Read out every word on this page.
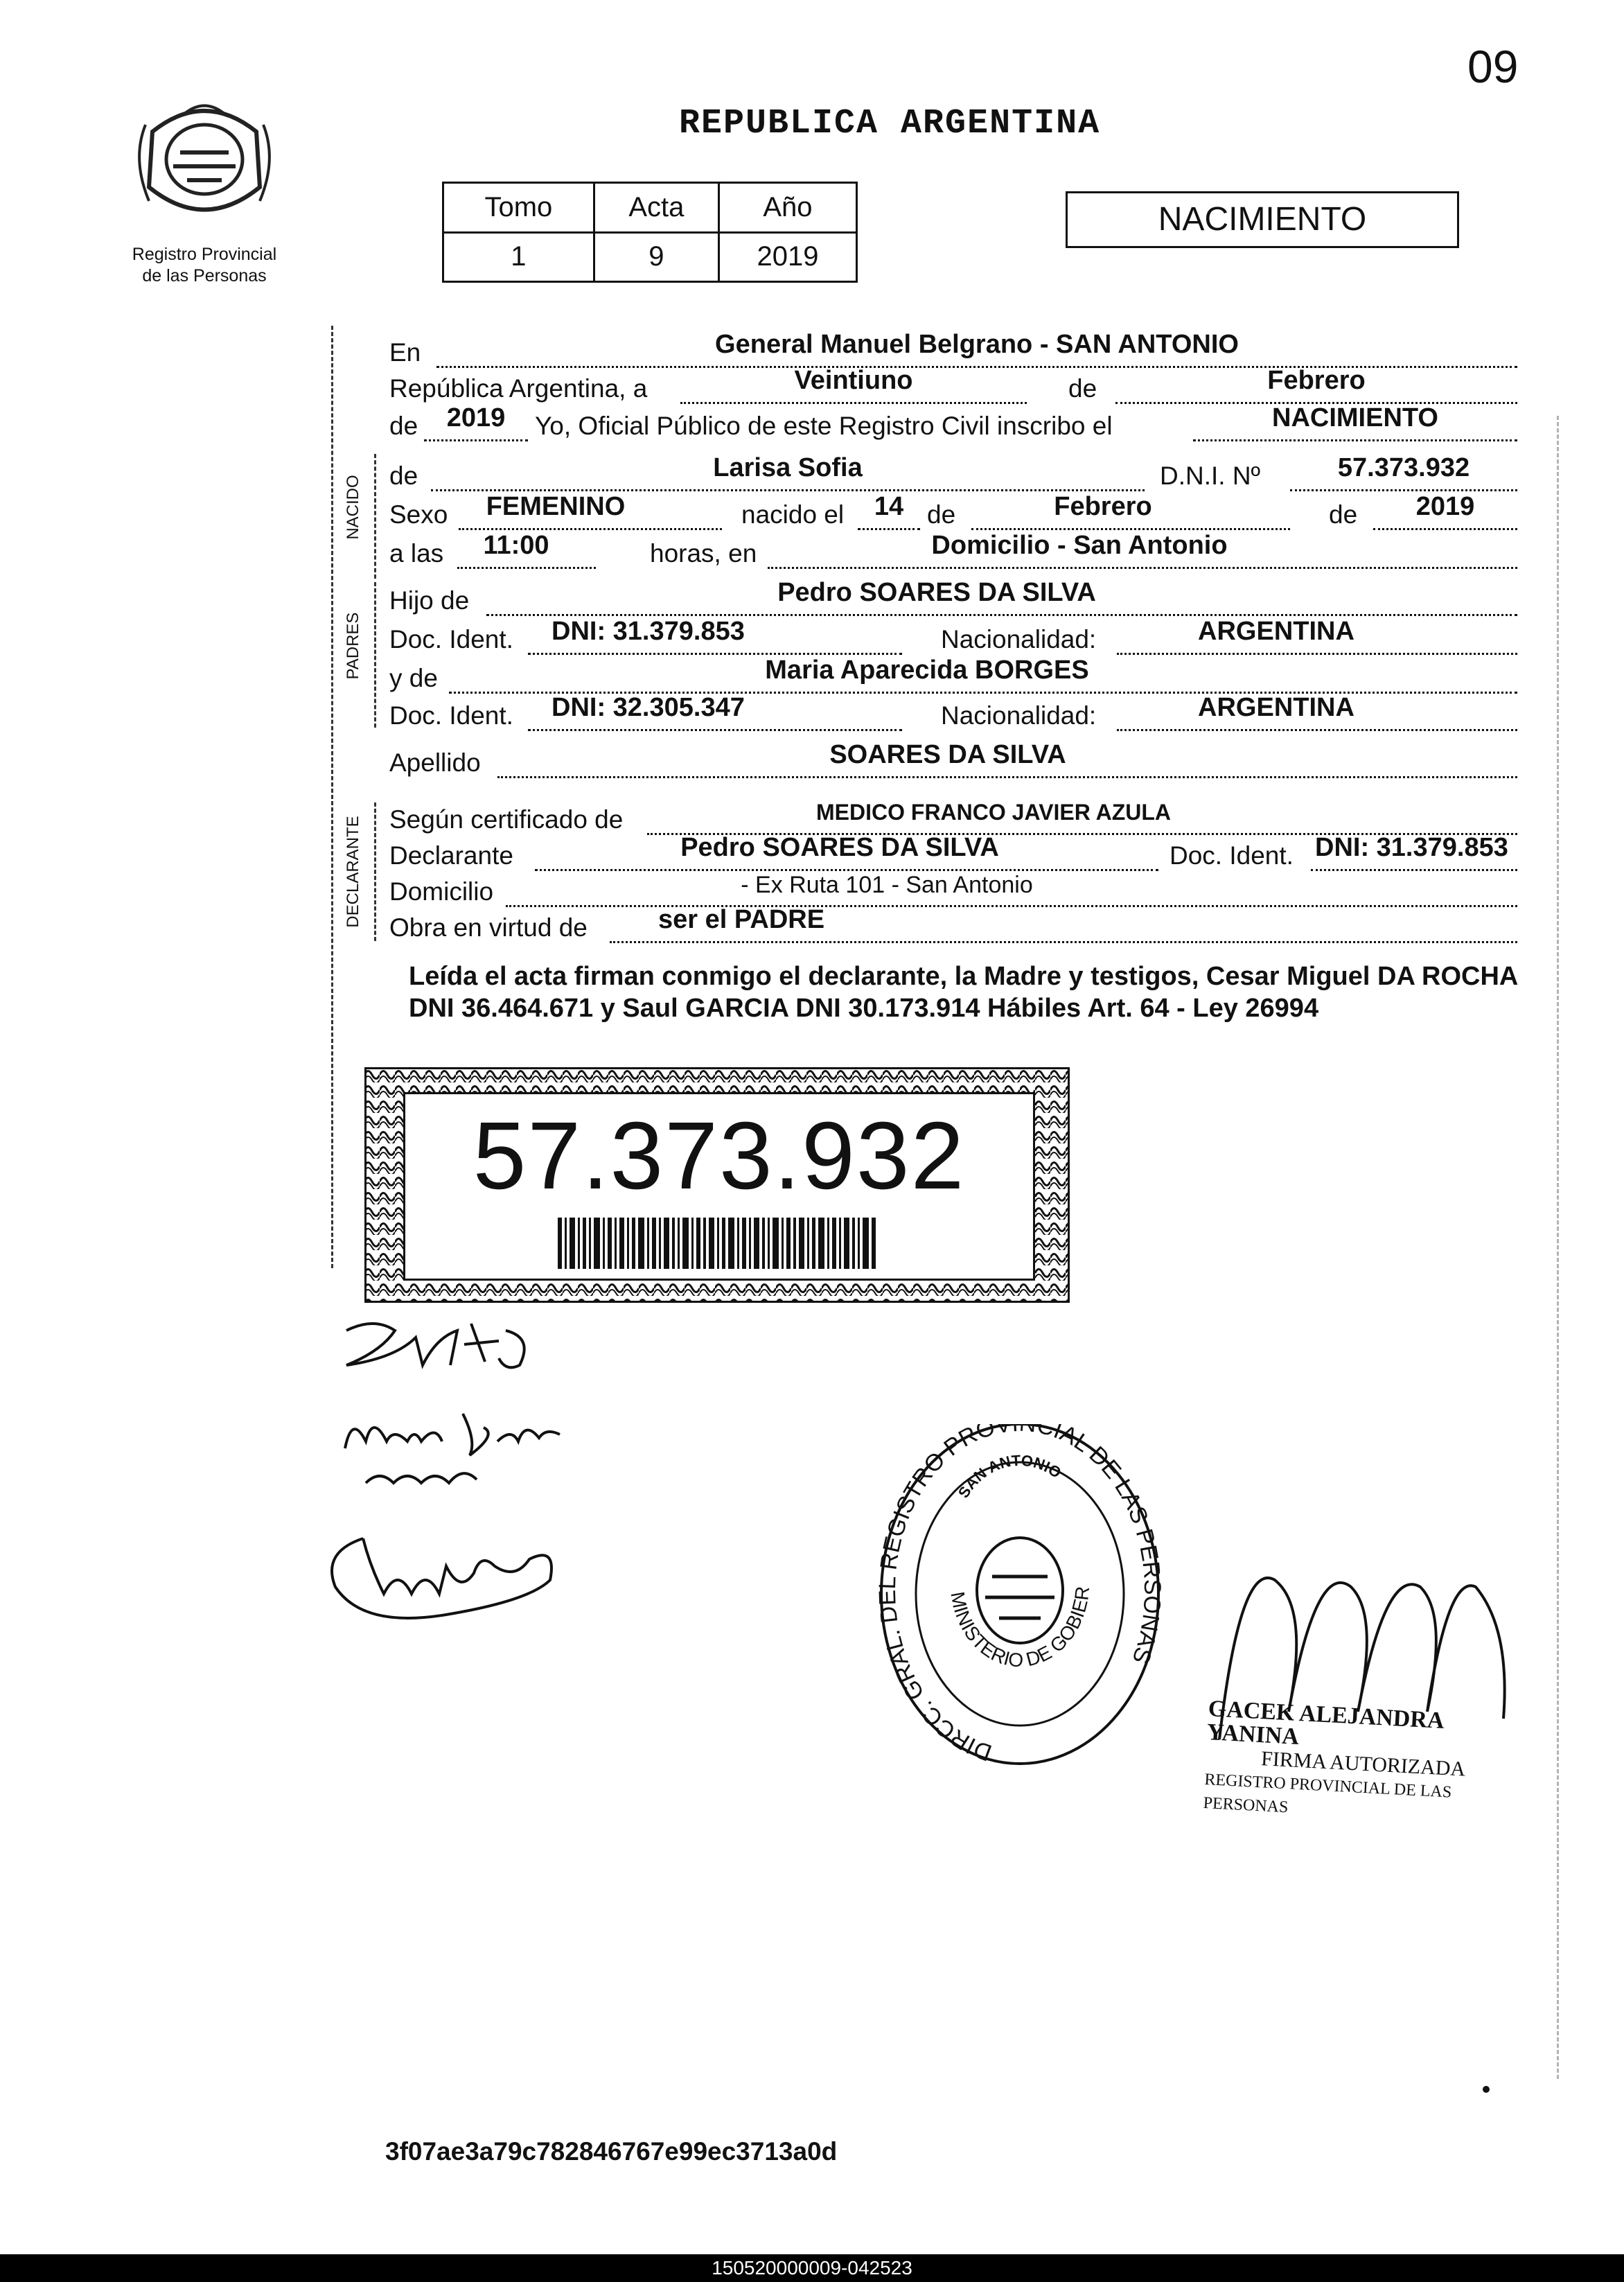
09
Registro Provincial
de las Personas
REPUBLICA ARGENTINA
Tomo	Acta	Año
1	9	2019
NACIMIENTO
NACIDO
PADRES
DECLARANTE
En	General Manuel Belgrano - SAN ANTONIO
República Argentina, a	Veintiuno	de	Febrero
de	2019	Yo, Oficial Público de este Registro Civil inscribo el	NACIMIENTO
de	Larisa Sofia	D.N.I. Nº	57.373.932
Sexo	FEMENINO	nacido el	14 de	Febrero	de	2019
a las	11:00	horas, en	Domicilio - San Antonio
Hijo de	Pedro SOARES DA SILVA
Doc. Ident. DNI: 31.379.853	Nacionalidad:	ARGENTINA
y de	Maria Aparecida BORGES
Doc. Ident. DNI: 32.305.347	Nacionalidad:	ARGENTINA
Apellido	SOARES DA SILVA
Según certificado de	MEDICO FRANCO JAVIER AZULA
Declarante	Pedro SOARES DA SILVA	Doc. Ident. DNI: 31.379.853
Domicilio	- Ex Ruta 101 - San Antonio
Obra en virtud de	ser el PADRE
Leída el acta firman conmigo el declarante, la Madre y testigos, Cesar Miguel DA ROCHA DNI 36.464.671 y Saul GARCIA DNI 30.173.914 Hábiles Art. 64 - Ley 26994
57.373.932
DIRCC. GRAL. DEL REGISTRO PROV CIAL DE LAS PERSONAS
SAN ANTONIO
MINISTERIO DE GOBIER
GACEK ALEJANDRA YANINA
FIRMA AUTORIZADA
REGISTRO PROVINCIAL DE LAS PERSONAS
3f07ae3a79c782846767e99ec3713a0d
150520000009-042523
